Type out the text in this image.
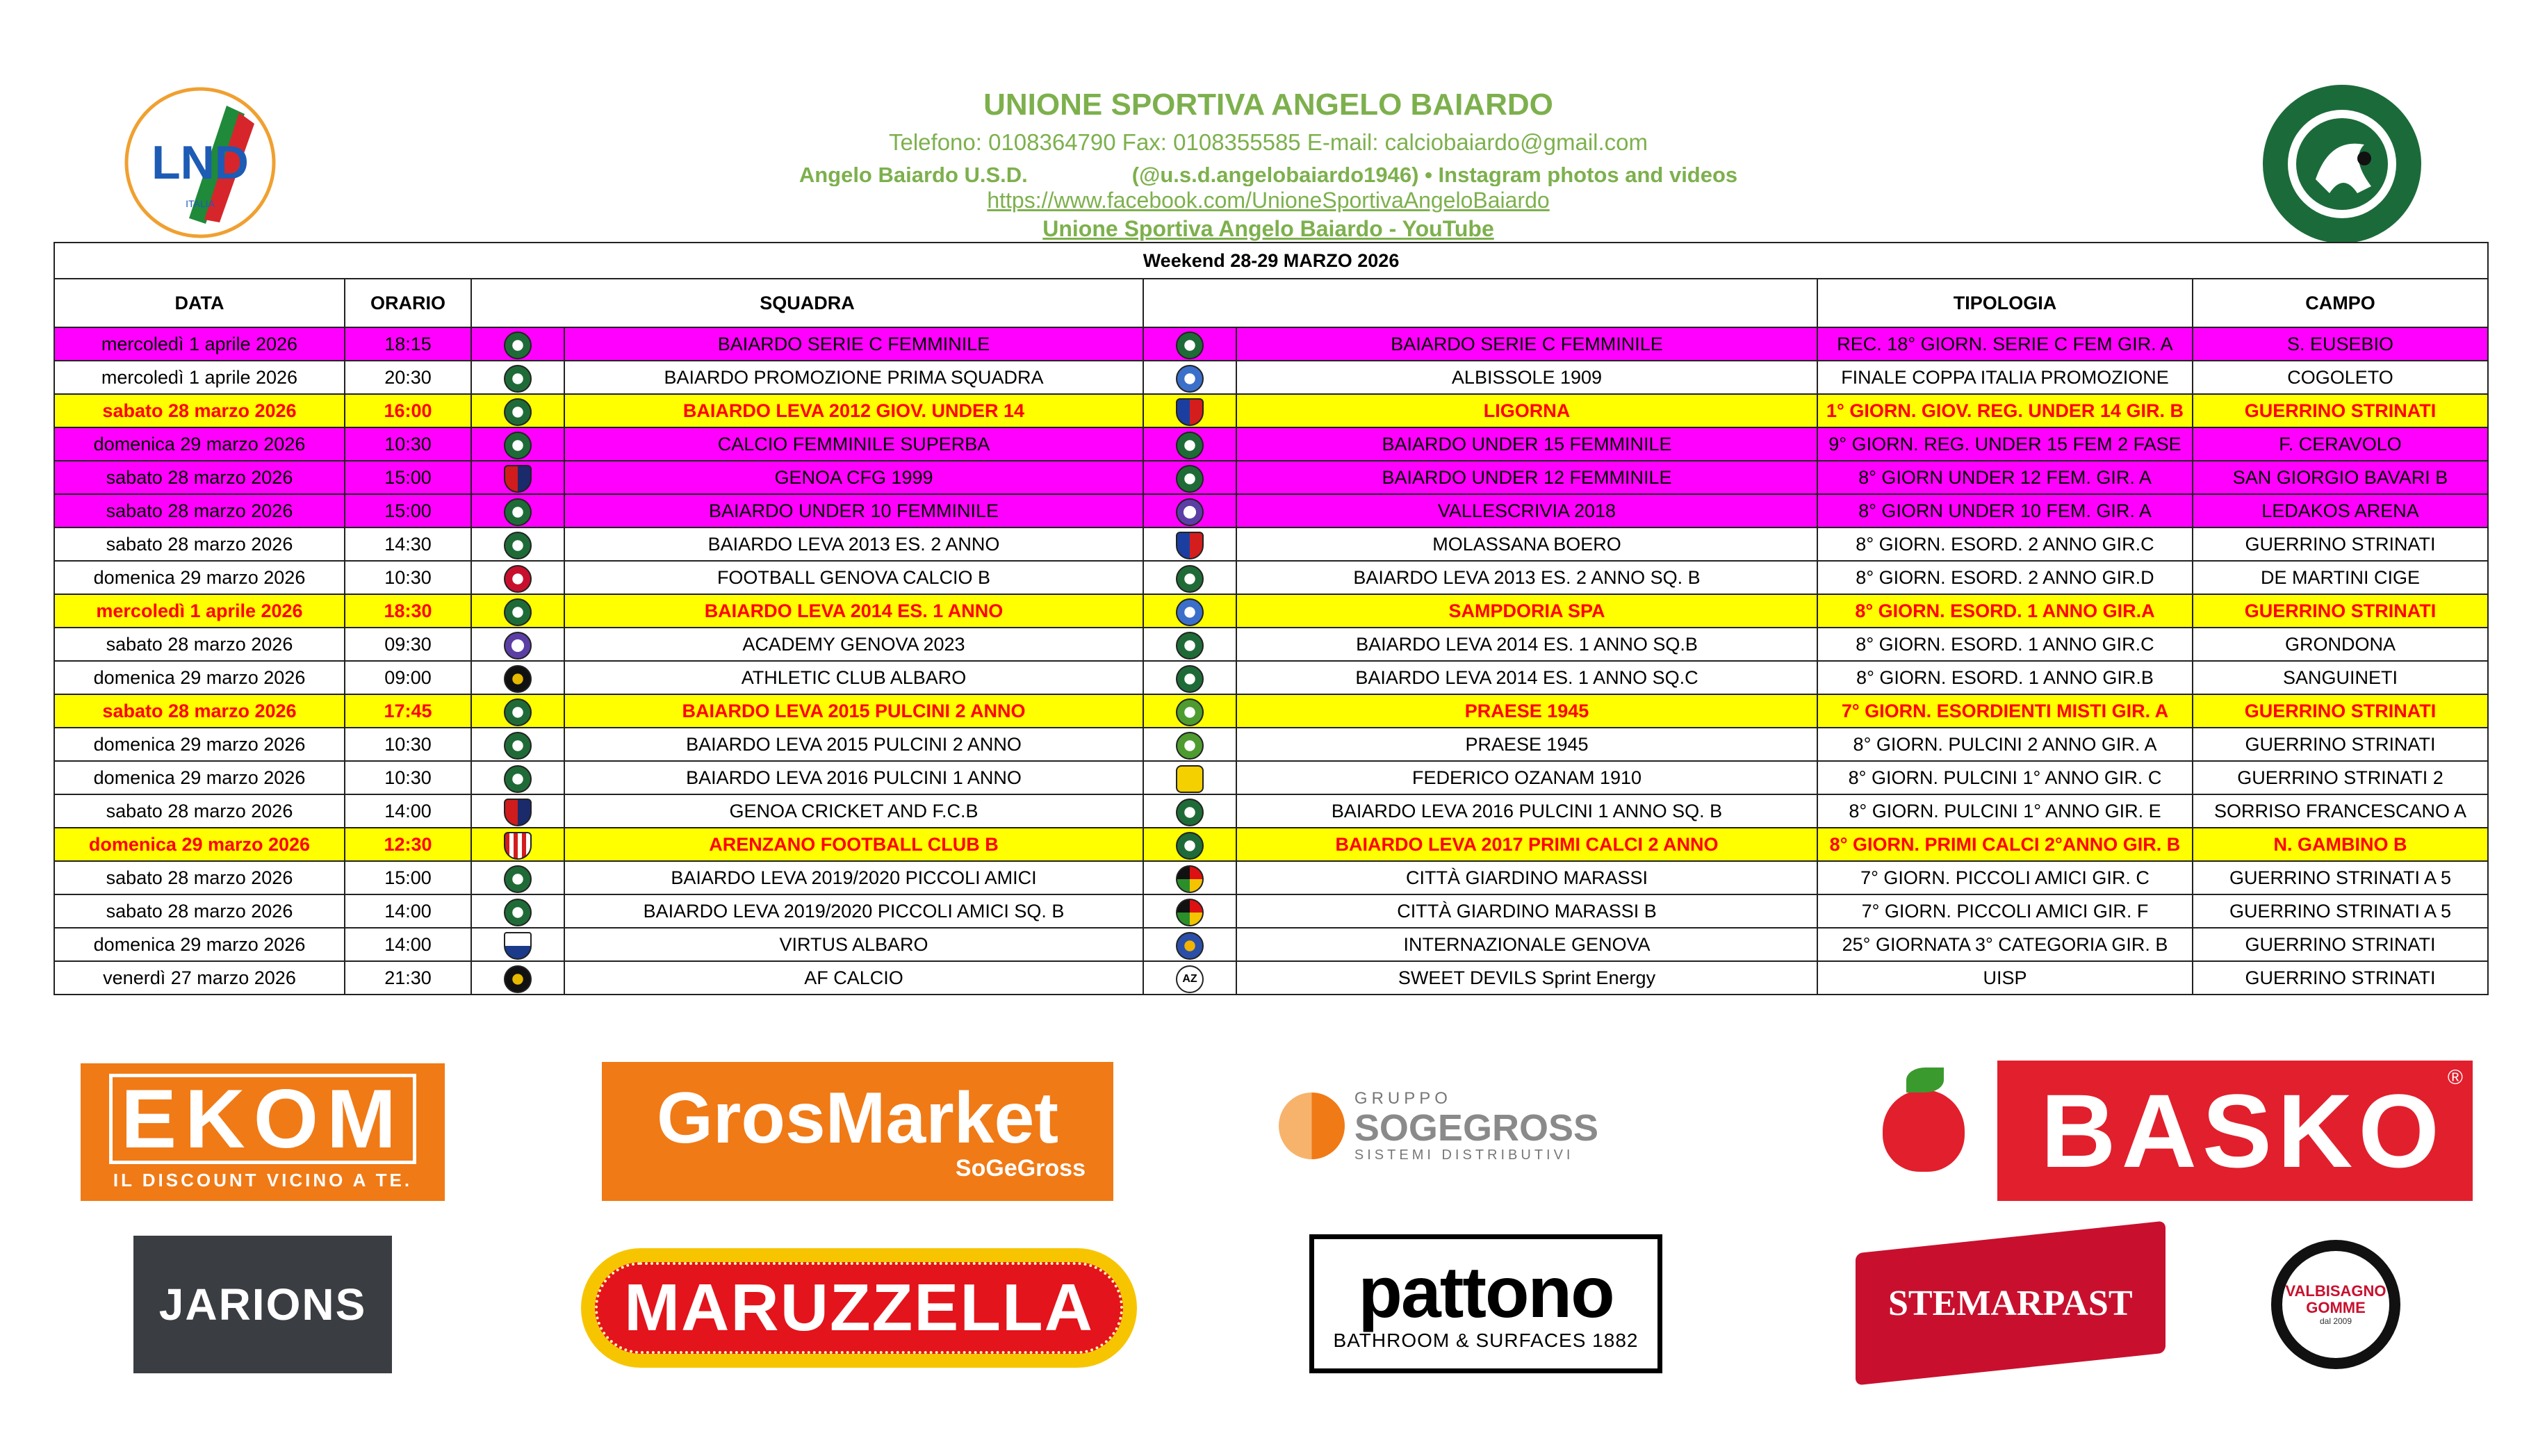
LND
ITALIA
UNIONE SPORTIVA ANGELO BAIARDO
Telefono: 0108364790 Fax: 0108355585 E-mail: calciobaiardo@gmail.com
Angelo Baiardo U.S.D.	(@u.s.d.angelobaiardo1946) • Instagram photos and videos
https://www.facebook.com/UnioneSportivaAngeloBaiardo
Unione Sportiva Angelo Baiardo - YouTube
Weekend 28-29 MARZO 2026							
DATA	ORARIO	SQUADRA				TIPOLOGIA	CAMPO
mercoledì 1 aprile 2026	18:15		BAIARDO SERIE C FEMMINILE		BAIARDO SERIE C FEMMINILE	REC. 18° GIORN. SERIE C FEM GIR. A	S. EUSEBIO
mercoledì 1 aprile 2026	20:30		BAIARDO PROMOZIONE PRIMA SQUADRA		ALBISSOLE 1909	FINALE COPPA ITALIA PROMOZIONE	COGOLETO
sabato 28 marzo 2026	16:00		BAIARDO LEVA 2012 GIOV. UNDER 14		LIGORNA	1° GIORN. GIOV. REG. UNDER 14 GIR. B	GUERRINO STRINATI
domenica 29 marzo 2026	10:30		CALCIO FEMMINILE SUPERBA		BAIARDO UNDER 15 FEMMINILE	9° GIORN. REG. UNDER 15 FEM 2 FASE	F. CERAVOLO
sabato 28 marzo 2026	15:00		GENOA CFG 1999		BAIARDO UNDER 12 FEMMINILE	8° GIORN UNDER 12 FEM. GIR. A	SAN GIORGIO BAVARI B
sabato 28 marzo 2026	15:00		BAIARDO UNDER 10 FEMMINILE		VALLESCRIVIA 2018	8° GIORN UNDER 10 FEM. GIR. A	LEDAKOS ARENA
sabato 28 marzo 2026	14:30		BAIARDO LEVA 2013 ES. 2 ANNO		MOLASSANA BOERO	8° GIORN. ESORD. 2 ANNO GIR.C	GUERRINO STRINATI
domenica 29 marzo 2026	10:30		FOOTBALL GENOVA CALCIO B		BAIARDO LEVA 2013 ES. 2 ANNO SQ. B	8° GIORN. ESORD. 2 ANNO GIR.D	DE MARTINI CIGE
mercoledì 1 aprile 2026	18:30		BAIARDO LEVA 2014 ES. 1 ANNO		SAMPDORIA SPA	8° GIORN. ESORD. 1 ANNO GIR.A	GUERRINO STRINATI
sabato 28 marzo 2026	09:30		ACADEMY GENOVA 2023		BAIARDO LEVA 2014 ES. 1 ANNO SQ.B	8° GIORN. ESORD. 1 ANNO GIR.C	GRONDONA
domenica 29 marzo 2026	09:00		ATHLETIC CLUB ALBARO		BAIARDO LEVA 2014 ES. 1 ANNO SQ.C	8° GIORN. ESORD. 1 ANNO GIR.B	SANGUINETI
sabato 28 marzo 2026	17:45		BAIARDO LEVA 2015 PULCINI 2 ANNO		PRAESE 1945	7° GIORN. ESORDIENTI MISTI GIR. A	GUERRINO STRINATI
domenica 29 marzo 2026	10:30		BAIARDO LEVA 2015 PULCINI 2 ANNO		PRAESE 1945	8° GIORN. PULCINI 2 ANNO GIR. A	GUERRINO STRINATI
domenica 29 marzo 2026	10:30		BAIARDO LEVA 2016 PULCINI 1 ANNO		FEDERICO OZANAM 1910	8° GIORN. PULCINI 1° ANNO GIR. C	GUERRINO STRINATI 2
sabato 28 marzo 2026	14:00		GENOA CRICKET AND F.C.B		BAIARDO LEVA 2016 PULCINI 1 ANNO SQ. B	8° GIORN. PULCINI 1° ANNO GIR. E	SORRISO FRANCESCANO A
domenica 29 marzo 2026	12:30		ARENZANO FOOTBALL CLUB B		BAIARDO LEVA 2017 PRIMI CALCI 2 ANNO	8° GIORN. PRIMI CALCI 2°ANNO GIR. B	N. GAMBINO B
sabato 28 marzo 2026	15:00		BAIARDO LEVA 2019/2020 PICCOLI AMICI		CITTÀ GIARDINO MARASSI	7° GIORN. PICCOLI AMICI GIR. C	GUERRINO STRINATI A 5
sabato 28 marzo 2026	14:00		BAIARDO LEVA 2019/2020 PICCOLI AMICI SQ. B		CITTÀ GIARDINO MARASSI B	7° GIORN. PICCOLI AMICI GIR. F	GUERRINO STRINATI A 5
domenica 29 marzo 2026	14:00		VIRTUS ALBARO		INTERNAZIONALE GENOVA	25° GIORNATA 3° CATEGORIA GIR. B	GUERRINO STRINATI
venerdì 27 marzo 2026	21:30		AF CALCIO	AZ	SWEET DEVILS Sprint Energy	UISP	GUERRINO STRINATI
EKOM
IL DISCOUNT VICINO A TE.
GrosMarket
SoGeGross
GRUPPO
SOGEGROSS
SISTEMI DISTRIBUTIVI	BASKO ®
JARIONS	MARUZZELLA	pattono
BATHROOM & SURFACES 1882
STEMARPAST	VALBISAGNO GOMME
dal 2009
